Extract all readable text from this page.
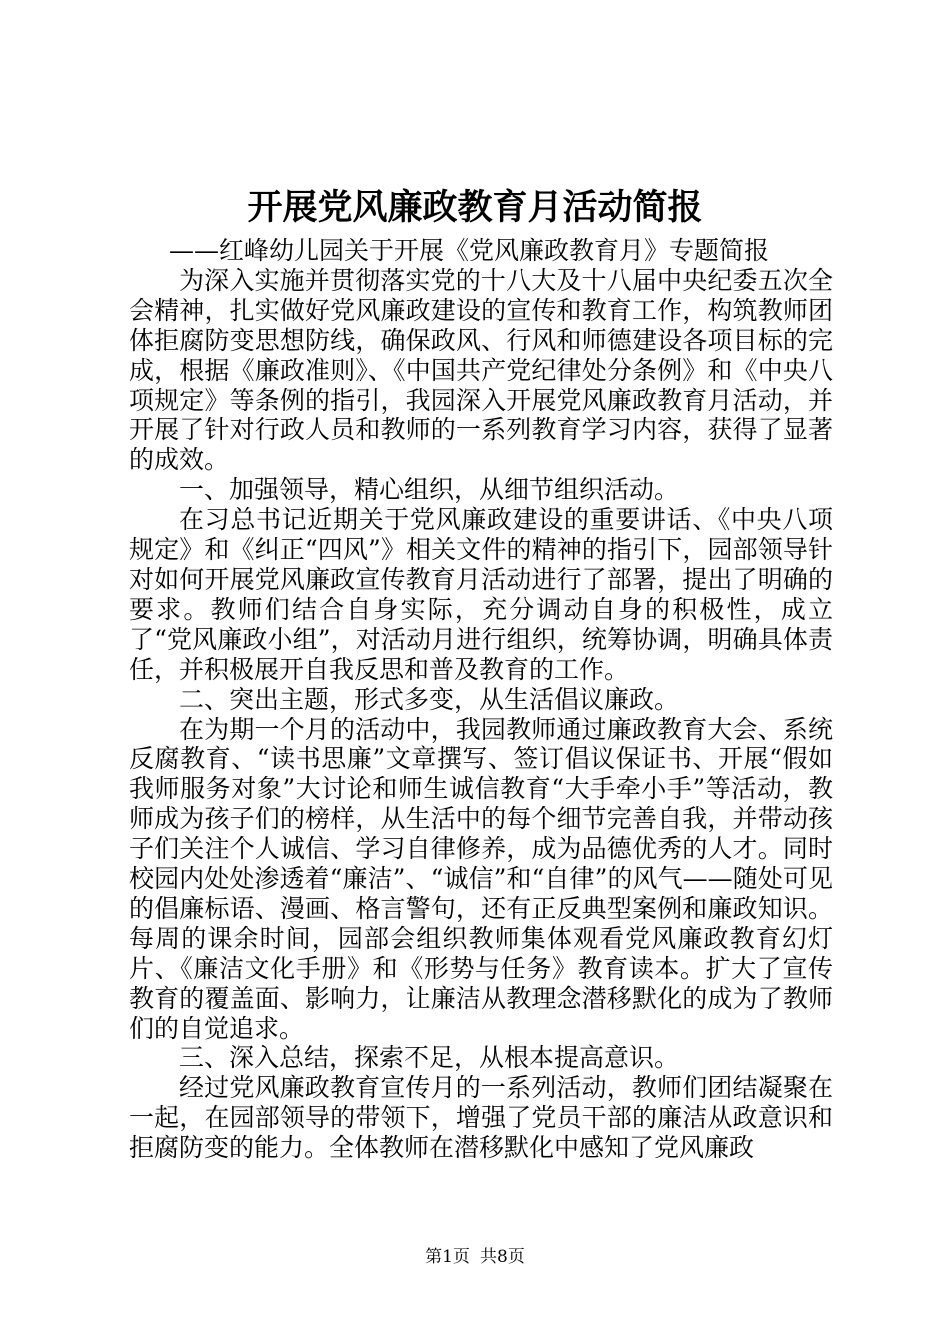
开展党风廉政教育月活动简报

——红峰幼儿园关于开展《党风廉政教育月》专题简报

为深入实施并贯彻落实党的十八大及十八届中央纪委五次全会精神，扎实做好党风廉政建设的宣传和教育工作，构筑教师团体拒腐防变思想防线，确保政风、行风和师德建设各项目标的完成，根据《廉政准则》、《中国共产党纪律处分条例》和《中央八项规定》等条例的指引，我园深入开展党风廉政教育月活动，并开展了针对行政人员和教师的一系列教育学习内容，获得了显著的成效。

一、加强领导，精心组织，从细节组织活动。

在习总书记近期关于党风廉政建设的重要讲话、《中央八项规定》和《纠正“四风”》相关文件的精神的指引下，园部领导针对如何开展党风廉政宣传教育月活动进行了部署，提出了明确的要求。教师们结合自身实际，充分调动自身的积极性，成立了“党风廉政小组”，对活动月进行组织，统筹协调，明确具体责任，并积极展开自我反思和普及教育的工作。

二、突出主题，形式多变，从生活倡议廉政。

在为期一个月的活动中，我园教师通过廉政教育大会、系统反腐教育、“读书思廉”文章撰写、签订倡议保证书、开展“假如我师服务对象”大讨论和师生诚信教育“大手牵小手”等活动，教师成为孩子们的榜样，从生活中的每个细节完善自我，并带动孩子们关注个人诚信、学习自律修养，成为品德优秀的人才。同时校园内处处渗透着“廉洁”、“诚信”和“自律”的风气——随处可见的倡廉标语、漫画、格言警句，还有正反典型案例和廉政知识。每周的课余时间，园部会组织教师集体观看党风廉政教育幻灯片、《廉洁文化手册》和《形势与任务》教育读本。扩大了宣传教育的覆盖面、影响力，让廉洁从教理念潜移默化的成为了教师们的自觉追求。

三、深入总结，探索不足，从根本提高意识。

经过党风廉政教育宣传月的一系列活动，教师们团结凝聚在一起，在园部领导的带领下，增强了党员干部的廉洁从政意识和拒腐防变的能力。全体教师在潜移默化中感知了党风廉政

第1页 共8页
